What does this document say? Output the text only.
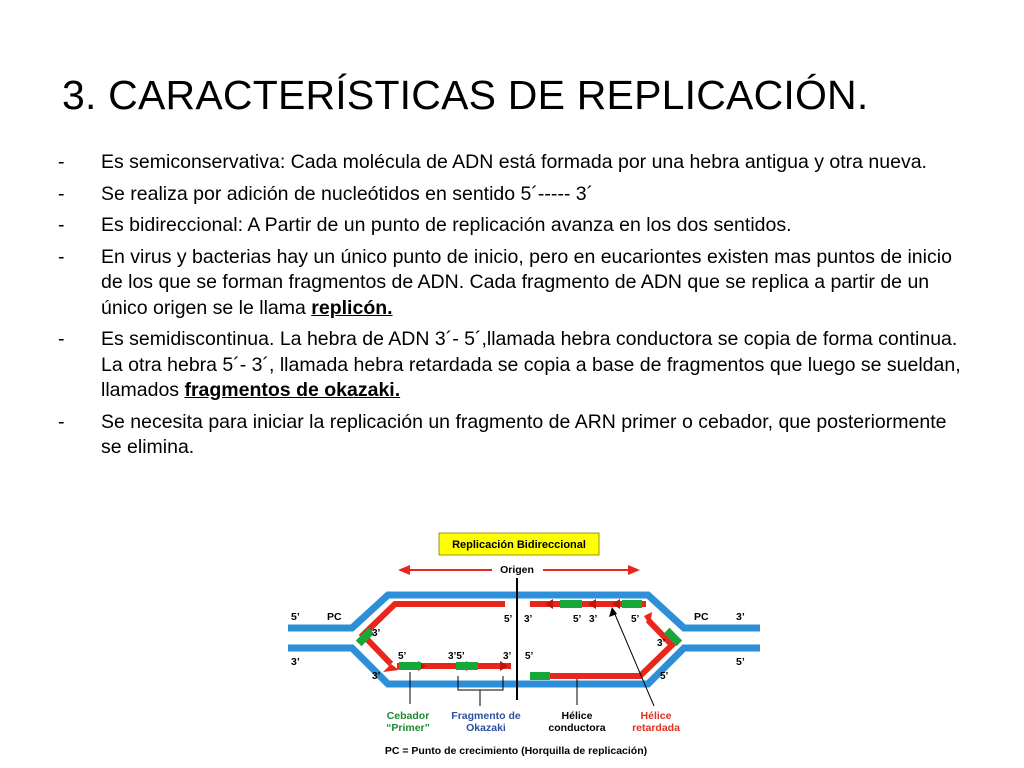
3. CARACTERÍSTICAS DE REPLICACIÓN.
- Es semiconservativa: Cada molécula de ADN está formada por una hebra antigua y otra nueva.
- Se realiza por adición de nucleótidos en sentido 5´----- 3´
- Es bidireccional: A Partir de un punto de replicación avanza en los dos sentidos.
- En virus y bacterias hay un único punto de inicio, pero en eucariontes existen mas puntos de inicio de los que se forman fragmentos de ADN. Cada fragmento de ADN que se replica a partir de un único origen se le llama replicón.
- Es semidiscontinua. La hebra de ADN 3´- 5´,llamada hebra conductora se copia de forma continua. La otra hebra 5´- 3´, llamada hebra retardada se copia a base de fragmentos que luego se sueldan, llamados fragmentos de okazaki.
- Se necesita para iniciar la replicación un fragmento de ARN primer o cebador, que posteriormente se elimina.
Replicación Bidireccional
Origen
5’
3’
3’
5’
PC	PC
3’
5’
3’
3’5’	3’ 5’
5’ 3’	5’ 3’	5’
3’
5’
Cebador
“Primer”
Fragmento de
Okazaki
Hélice
conductora
Hélice
retardada
PC = Punto de crecimiento (Horquilla de replicación)
